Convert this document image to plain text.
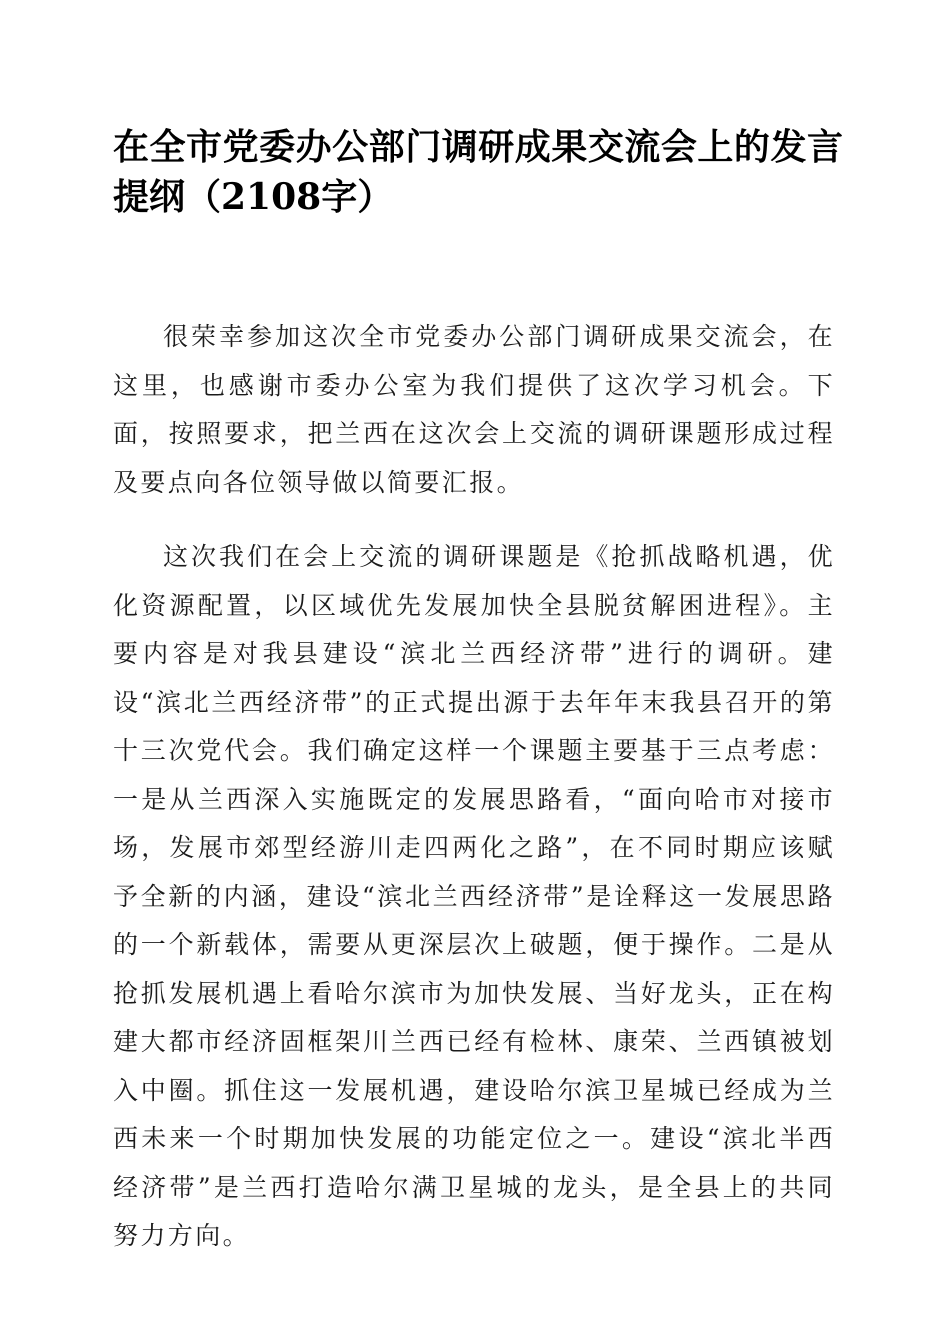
在全市党委办公部门调研成果交流会上的发言提纲（2108字）

很荣幸参加这次全市党委办公部门调研成果交流会，在这里，也感谢市委办公室为我们提供了这次学习机会。下面，按照要求，把兰西在这次会上交流的调研课题形成过程及要点向各位领导做以简要汇报。

这次我们在会上交流的调研课题是《抢抓战略机遇，优化资源配置，以区域优先发展加快全县脱贫解困进程》。主要内容是对我县建设“滨北兰西经济带”进行的调研。建设“滨北兰西经济带”的正式提出源于去年年末我县召开的第十三次党代会。我们确定这样一个课题主要基于三点考虑：一是从兰西深入实施既定的发展思路看，“面向哈市对接市场，发展市郊型经游川走四两化之路”，在不同时期应该赋予全新的内涵，建设“滨北兰西经济带”是诠释这一发展思路的一个新载体，需要从更深层次上破题，便于操作。二是从抢抓发展机遇上看哈尔滨市为加快发展、当好龙头，正在构建大都市经济固框架川兰西已经有检林、康荣、兰西镇被划入中圈。抓住这一发展机遇，建设哈尔滨卫星城已经成为兰西未来一个时期加快发展的功能定位之一。建设“滨北半西经济带”是兰西打造哈尔满卫星城的龙头，是全县上的共同努力方向。
